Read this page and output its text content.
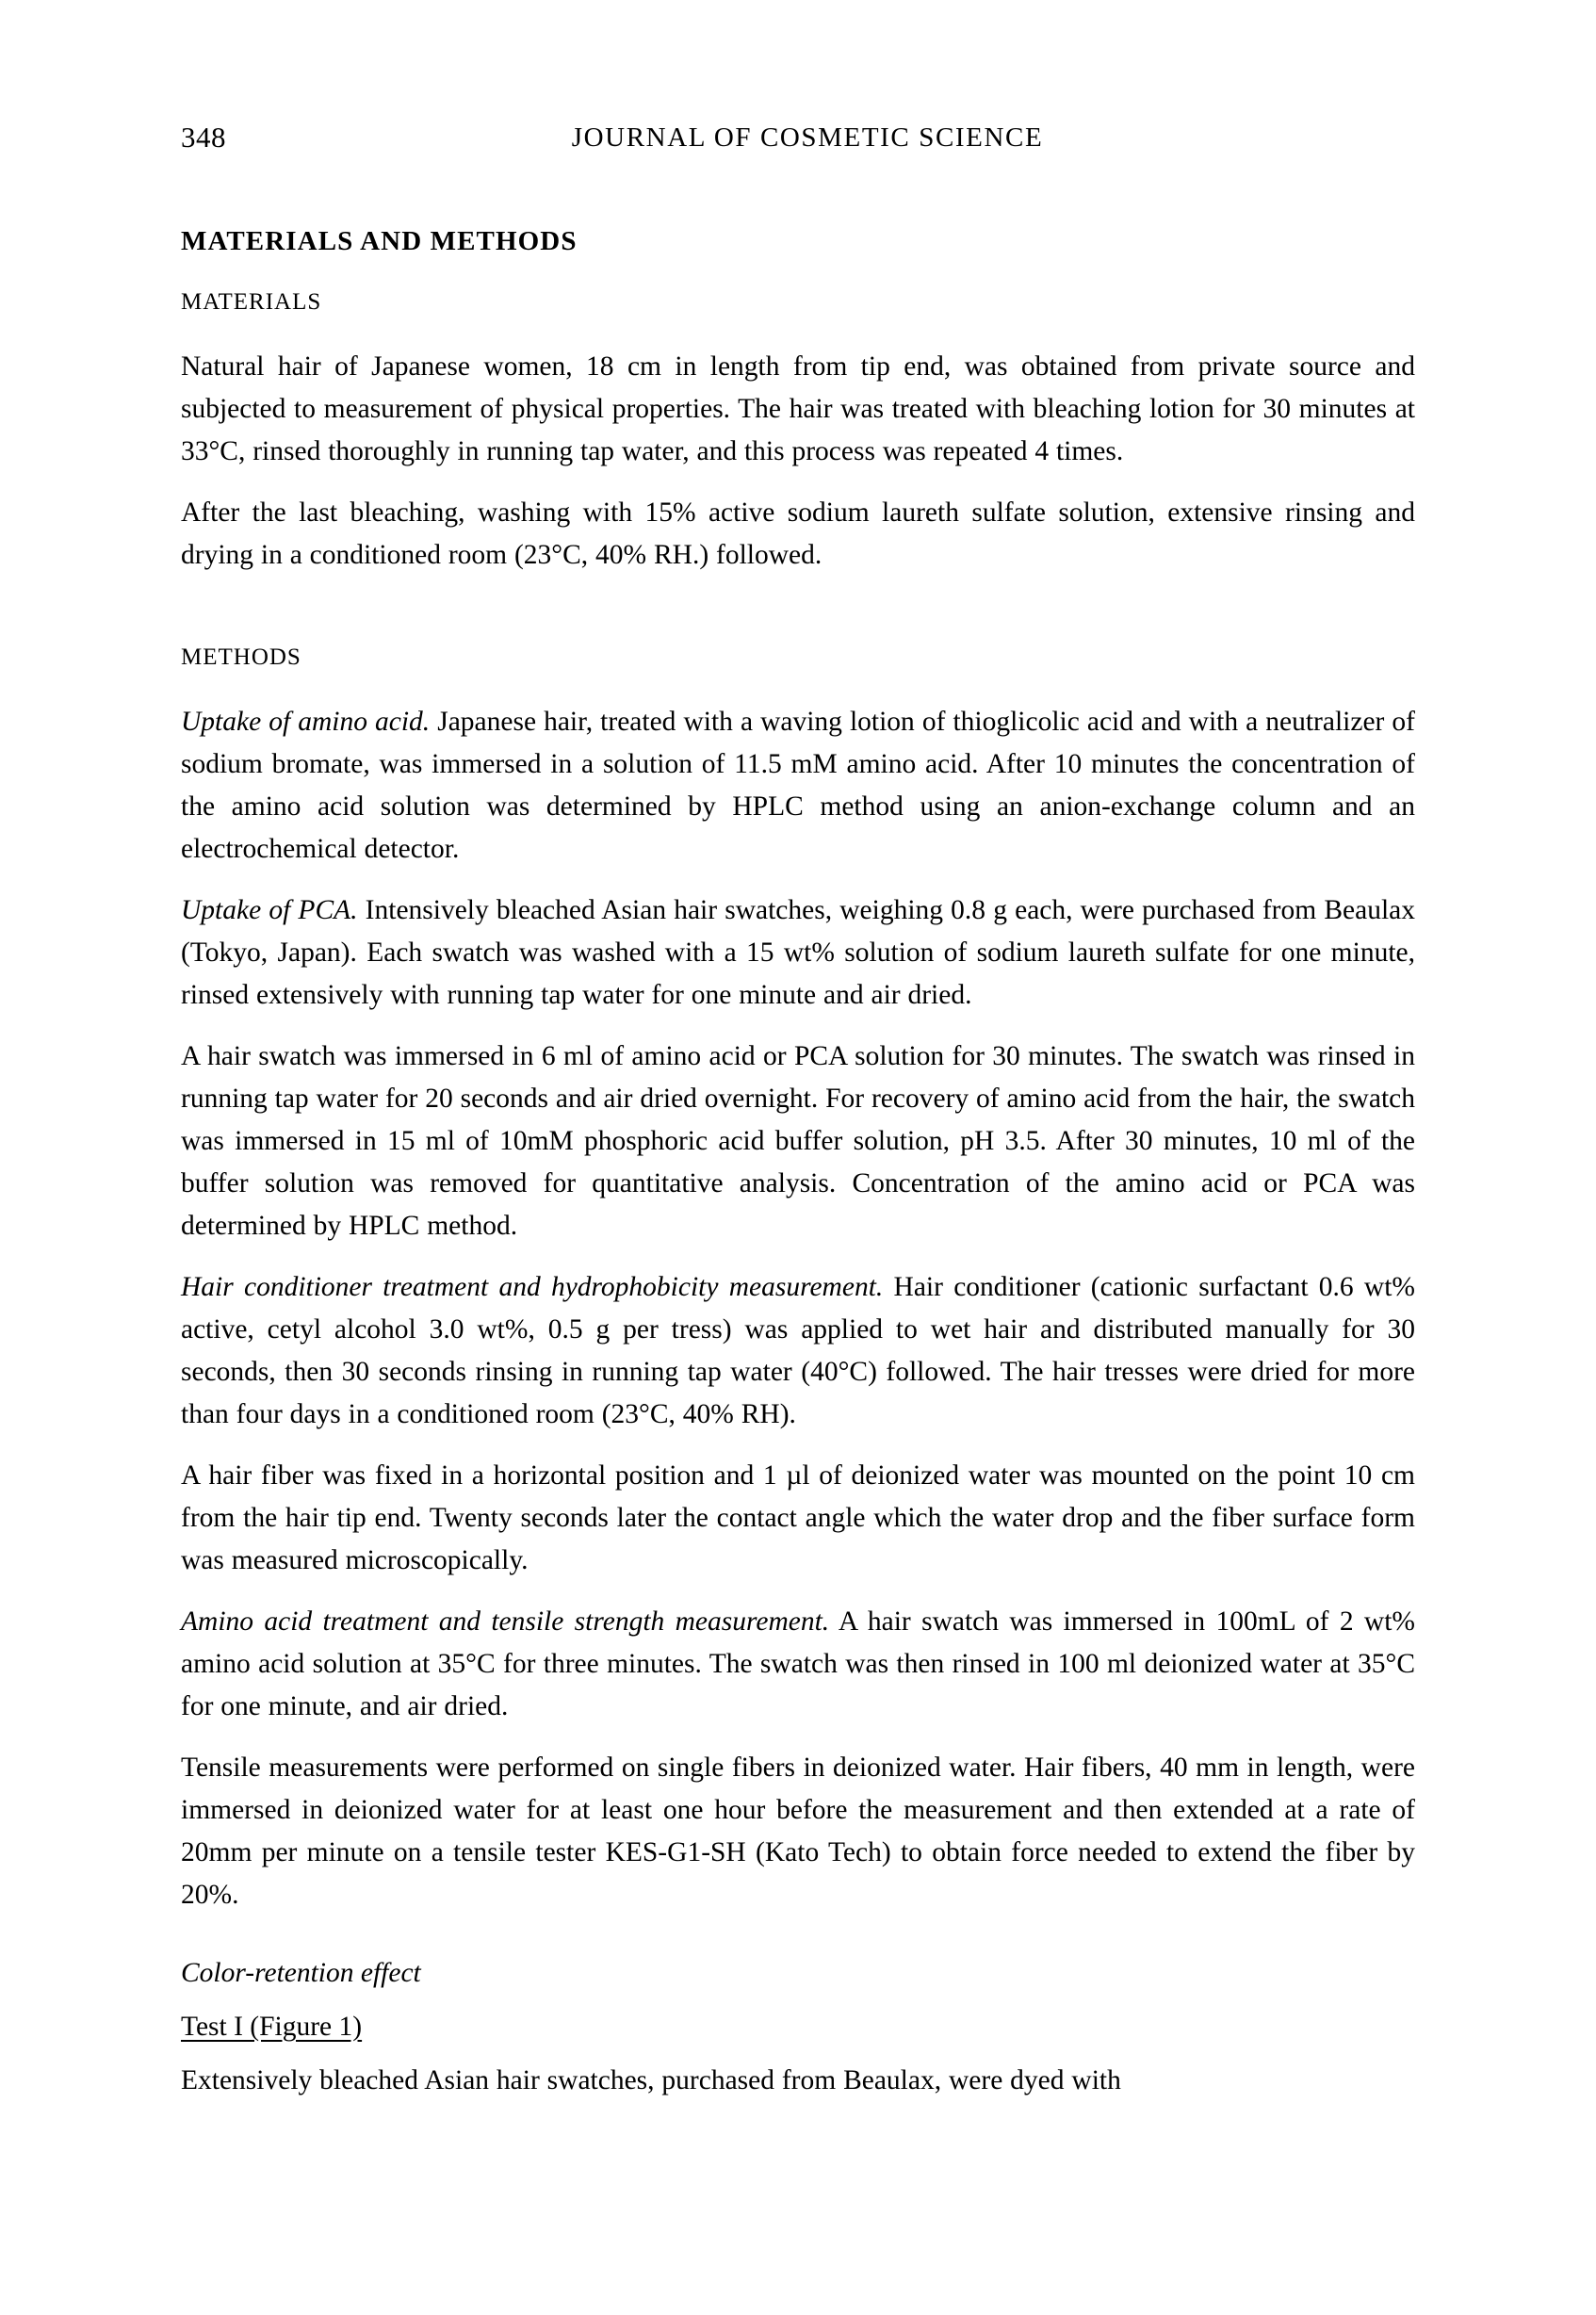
348	JOURNAL OF COSMETIC SCIENCE
MATERIALS AND METHODS
MATERIALS

Natural hair of Japanese women, 18 cm in length from tip end, was obtained from private source and subjected to measurement of physical properties. The hair was treated with bleaching lotion for 30 minutes at 33°C, rinsed thoroughly in running tap water, and this process was repeated 4 times.

After the last bleaching, washing with 15% active sodium laureth sulfate solution, extensive rinsing and drying in a conditioned room (23°C, 40% RH.) followed.

METHODS

Uptake of amino acid. Japanese hair, treated with a waving lotion of thioglicolic acid and with a neutralizer of sodium bromate, was immersed in a solution of 11.5 mM amino acid. After 10 minutes the concentration of the amino acid solution was determined by HPLC method using an anion-exchange column and an electrochemical detector.

Uptake of PCA. Intensively bleached Asian hair swatches, weighing 0.8 g each, were purchased from Beaulax (Tokyo, Japan). Each swatch was washed with a 15 wt% solution of sodium laureth sulfate for one minute, rinsed extensively with running tap water for one minute and air dried.

A hair swatch was immersed in 6 ml of amino acid or PCA solution for 30 minutes. The swatch was rinsed in running tap water for 20 seconds and air dried overnight. For recovery of amino acid from the hair, the swatch was immersed in 15 ml of 10mM phosphoric acid buffer solution, pH 3.5. After 30 minutes, 10 ml of the buffer solution was removed for quantitative analysis. Concentration of the amino acid or PCA was determined by HPLC method.

Hair conditioner treatment and hydrophobicity measurement. Hair conditioner (cationic surfactant 0.6 wt% active, cetyl alcohol 3.0 wt%, 0.5 g per tress) was applied to wet hair and distributed manually for 30 seconds, then 30 seconds rinsing in running tap water (40°C) followed. The hair tresses were dried for more than four days in a conditioned room (23°C, 40% RH).

A hair fiber was fixed in a horizontal position and 1 µl of deionized water was mounted on the point 10 cm from the hair tip end. Twenty seconds later the contact angle which the water drop and the fiber surface form was measured microscopically.

Amino acid treatment and tensile strength measurement. A hair swatch was immersed in 100mL of 2 wt% amino acid solution at 35°C for three minutes. The swatch was then rinsed in 100 ml deionized water at 35°C for one minute, and air dried.

Tensile measurements were performed on single fibers in deionized water. Hair fibers, 40 mm in length, were immersed in deionized water for at least one hour before the measurement and then extended at a rate of 20mm per minute on a tensile tester KES-G1-SH (Kato Tech) to obtain force needed to extend the fiber by 20%.

Color-retention effect
Test I (Figure 1)

Extensively bleached Asian hair swatches, purchased from Beaulax, were dyed with
